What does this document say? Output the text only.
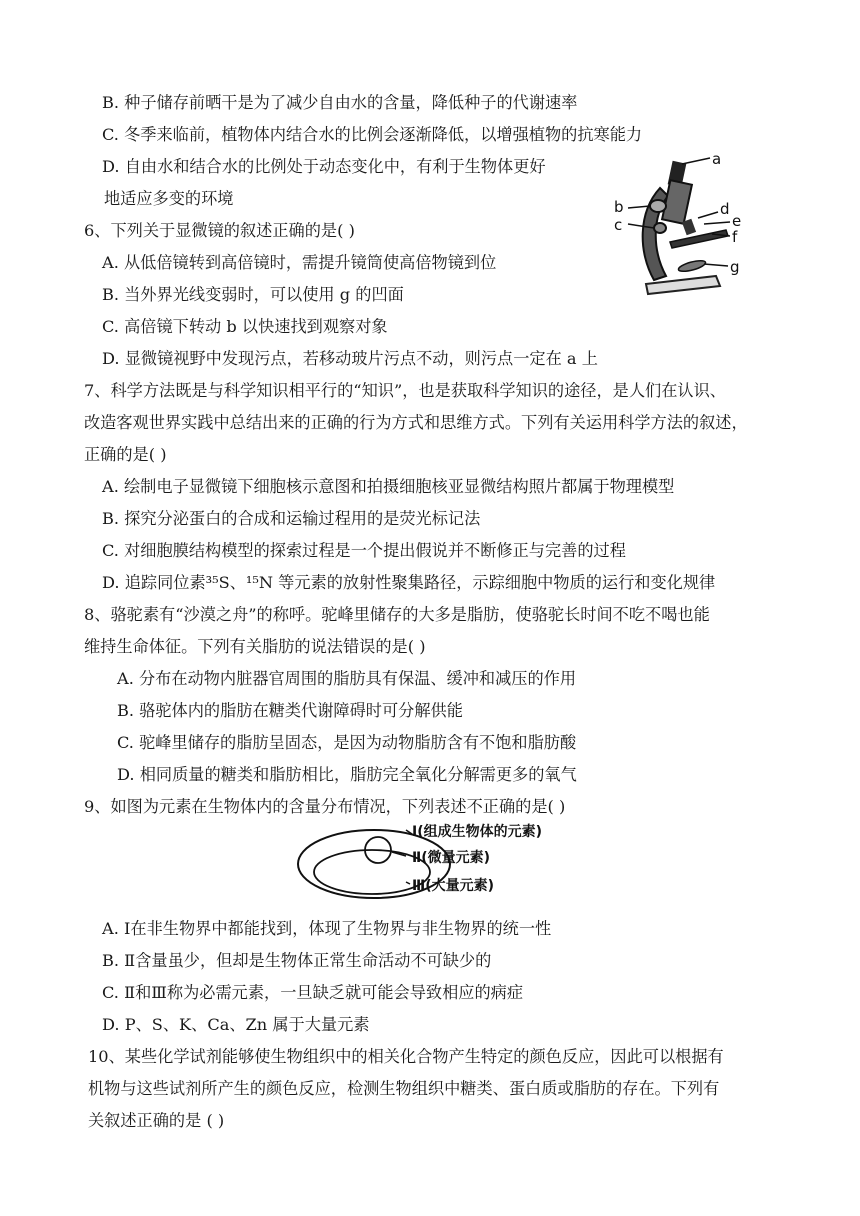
B. 种子储存前晒干是为了减少自由水的含量，降低种子的代谢速率
C. 冬季来临前，植物体内结合水的比例会逐渐降低，以增强植物的抗寒能力
D. 自由水和结合水的比例处于动态变化中，有利于生物体更好
地适应多变的环境
6、下列关于显微镜的叙述正确的是( )
A. 从低倍镜转到高倍镜时，需提升镜筒使高倍物镜到位
B. 当外界光线变弱时，可以使用 g 的凹面
C. 高倍镜下转动 b 以快速找到观察对象
D. 显微镜视野中发现污点，若移动玻片污点不动，则污点一定在 a 上
a
b
c
d
e
f
g
7、科学方法既是与科学知识相平行的“知识”，也是获取科学知识的途径，是人们在认识、
改造客观世界实践中总结出来的正确的行为方式和思维方式。下列有关运用科学方法的叙述，
正确的是( )
A. 绘制电子显微镜下细胞核示意图和拍摄细胞核亚显微结构照片都属于物理模型
B. 探究分泌蛋白的合成和运输过程用的是荧光标记法
C. 对细胞膜结构模型的探索过程是一个提出假说并不断修正与完善的过程
D. 追踪同位素³⁵S、¹⁵N 等元素的放射性聚集路径，示踪细胞中物质的运行和变化规律
8、骆驼素有“沙漠之舟”的称呼。驼峰里储存的大多是脂肪，使骆驼长时间不吃不喝也能
维持生命体征。下列有关脂肪的说法错误的是( )
A. 分布在动物内脏器官周围的脂肪具有保温、缓冲和减压的作用
B. 骆驼体内的脂肪在糖类代谢障碍时可分解供能
C. 驼峰里储存的脂肪呈固态，是因为动物脂肪含有不饱和脂肪酸
D. 相同质量的糖类和脂肪相比，脂肪完全氧化分解需更多的氧气
9、如图为元素在生物体内的含量分布情况，下列表述不正确的是( )
Ⅰ(组成生物体的元素)
Ⅱ(微量元素)
Ⅲ(大量元素)
A. Ⅰ在非生物界中都能找到，体现了生物界与非生物界的统一性
B. Ⅱ含量虽少，但却是生物体正常生命活动不可缺少的
C. Ⅱ和Ⅲ称为必需元素，一旦缺乏就可能会导致相应的病症
D. P、S、K、Ca、Zn 属于大量元素
10、某些化学试剂能够使生物组织中的相关化合物产生特定的颜色反应，因此可以根据有
机物与这些试剂所产生的颜色反应，检测生物组织中糖类、蛋白质或脂肪的存在。下列有
关叙述正确的是 ( )
